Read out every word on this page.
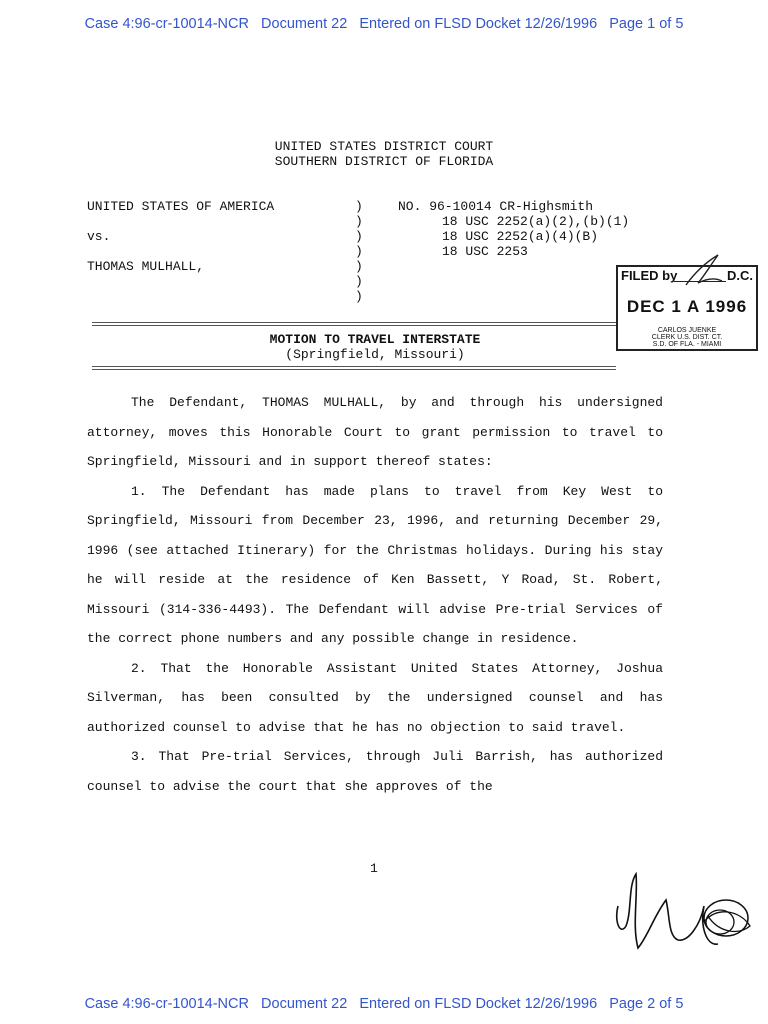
Case 4:96-cr-10014-NCR   Document 22   Entered on FLSD Docket 12/26/1996   Page 1 of 5
UNITED STATES DISTRICT COURT
SOUTHERN DISTRICT OF FLORIDA
UNITED STATES OF AMERICA
vs.
THOMAS MULHALL,
)
)
)
)
)
)
)
NO. 96-10014 CR-Highsmith
18 USC 2252(a)(2),(b)(1)
18 USC 2252(a)(4)(B)
18 USC 2253
FILED by	D.C.
DEC 1 A 1996
CARLOS JUENKE
CLERK U.S. DIST. CT.
S.D. OF FLA. - MIAMI
MOTION TO TRAVEL INTERSTATE
(Springfield, Missouri)

The Defendant, THOMAS MULHALL, by and through his undersigned attorney, moves this Honorable Court to grant permission to travel to Springfield, Missouri and in support thereof states:

1. The Defendant has made plans to travel from Key West to Springfield, Missouri from December 23, 1996, and returning December 29, 1996 (see attached Itinerary) for the Christmas holidays. During his stay he will reside at the residence of Ken Bassett, Y Road, St. Robert, Missouri (314-336-4493). The Defendant will advise Pre-trial Services of the correct phone numbers and any possible change in residence.

2. That the Honorable Assistant United States Attorney, Joshua Silverman, has been consulted by the undersigned counsel and has authorized counsel to advise that he has no objection to said travel.

3. That Pre-trial Services, through Juli Barrish, has authorized counsel to advise the court that she approves of the

1
Case 4:96-cr-10014-NCR   Document 22   Entered on FLSD Docket 12/26/1996   Page 2 of 5
